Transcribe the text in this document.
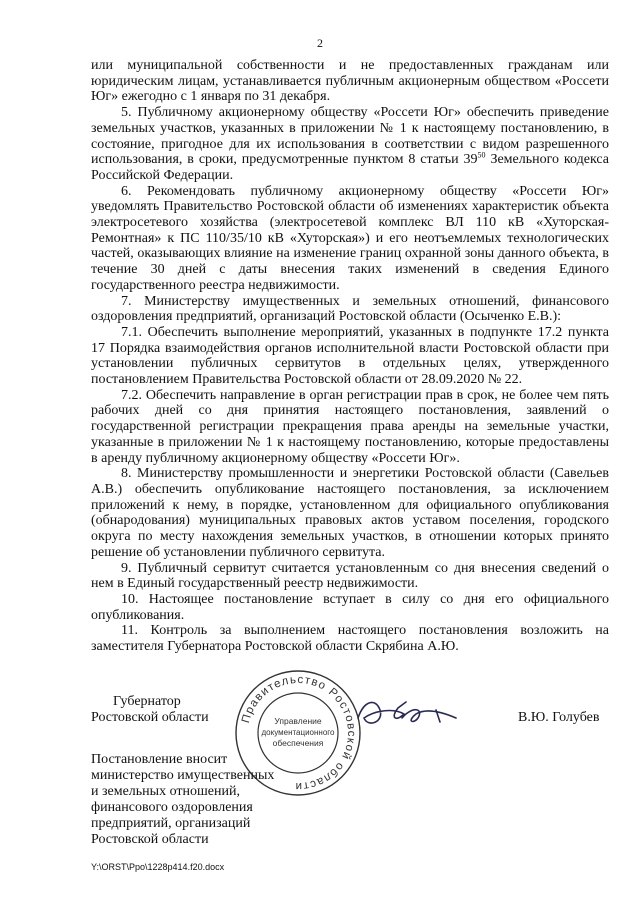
2

или муниципальной собственности и не предоставленных гражданам или юридическим лицам, устанавливается публичным акционерным обществом «Россети Юг» ежегодно с 1 января по 31 декабря.

5. Публичному акционерному обществу «Россети Юг» обеспечить приведение земельных участков, указанных в приложении № 1 к настоящему постановлению, в состояние, пригодное для их использования в соответствии с видом разрешенного использования, в сроки, предусмотренные пунктом 8 статьи $39^{50}$ Земельного кодекса Российской Федерации.

6. Рекомендовать публичному акционерному обществу «Россети Юг» уведомлять Правительство Ростовской области об изменениях характеристик объекта электросетевого хозяйства (электросетевой комплекс ВЛ 110 кВ «Хуторская-Ремонтная» к ПС 110/35/10 кВ «Хуторская») и его неотъемлемых технологических частей, оказывающих влияние на изменение границ охранной зоны данного объекта, в течение 30 дней с даты внесения таких изменений в сведения Единого государственного реестра недвижимости.

7. Министерству имущественных и земельных отношений, финансового оздоровления предприятий, организаций Ростовской области (Осыченко Е.В.):

7.1. Обеспечить выполнение мероприятий, указанных в подпункте 17.2 пункта 17 Порядка взаимодействия органов исполнительной власти Ростовской области при установлении публичных сервитутов в отдельных целях, утвержденного постановлением Правительства Ростовской области от 28.09.2020 № 22.

7.2. Обеспечить направление в орган регистрации прав в срок, не более чем пять рабочих дней со дня принятия настоящего постановления, заявлений о государственной регистрации прекращения права аренды на земельные участки, указанные в приложении № 1 к настоящему постановлению, которые предоставлены в аренду публичному акционерному обществу «Россети Юг».

8. Министерству промышленности и энергетики Ростовской области (Савельев А.В.) обеспечить опубликование настоящего постановления, за исключением приложений к нему, в порядке, установленном для официального опубликования (обнародования) муниципальных правовых актов уставом поселения, городского округа по месту нахождения земельных участков, в отношении которых принято решение об установлении публичного сервитута.

9. Публичный сервитут считается установленным со дня внесения сведений о нем в Единый государственный реестр недвижимости.

10. Настоящее постановление вступает в силу со дня его официального опубликования.

11. Контроль за выполнением настоящего постановления возложить на заместителя Губернатора Ростовской области Скрябина А.Ю.

Губернатор
Ростовской области	В.Ю. Голубев
Правительство Ростовской области
Управление
документационного
обеспечения
Постановление вносит
министерство имущественных
и земельных отношений,
финансового оздоровления
предприятий, организаций
Ростовской области
Y:\ORST\Ppo\1228p414.f20.docx
